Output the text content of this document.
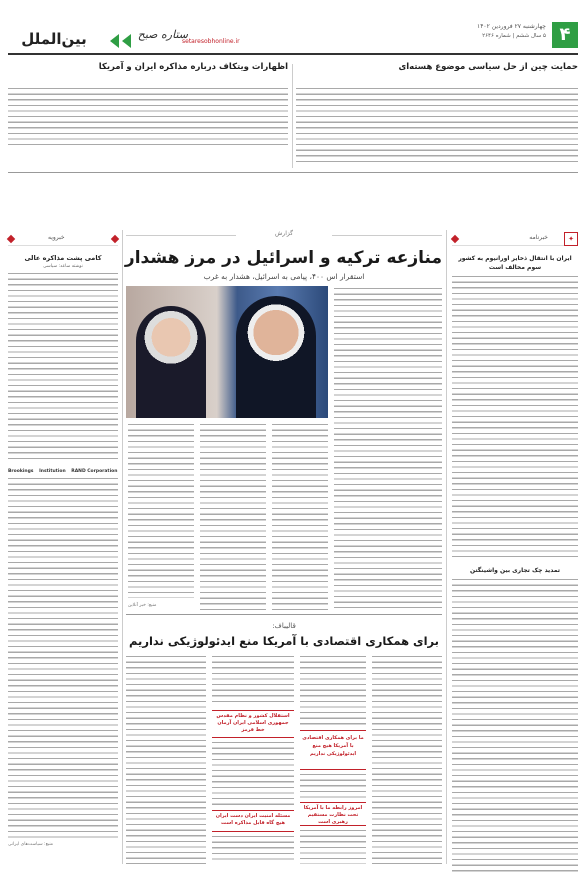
۴
چهارشنبه ۲۷ فروردین ۱۴۰۲
۵ سال ششم | شماره ۲۶۴۶
setaresobhonline.ir
ستاره صبح
بین‌الملل
حمایت چین از حل سیاسی موضوع هسته‌ای
اظهارات ویتکاف درباره مذاکره ایران و آمریکا
✦
خبرنامه
ایران با انتقال ذخایر اورانیوم به کشور سوم مخالف است
تمدید چک تجاری بین واشینگتن
گزارش
منازعه ترکیه و اسرائیل در مرز هشدار
استقرار اس ۴۰۰، پیامی به اسرائیل، هشدار به غرب
منبع: خبر آنلاین
قالیباف:
برای همکاری اقتصادی با آمریکا منع ایدئولوژیکی نداریم
ما برای همکاری اقتصادی با آمریکا هیچ منع ایدئولوژیکی نداریم
امروز رابطه ما با آمریکا تحت نظارت مستقیم رهبری است
استقلال کشور و نظام مقدس جمهوری اسلامی ایران آرمان خط قرمز
مسئله امنیت ایران دست ایران هیچ گاه قابل مذاکره است
خبرویه
کامی پشت مذاکره عالی
نوشته ساعد: سیاسی
Brookings Institution RAND Corporation
منبع: سیاست‌های ایرانی
